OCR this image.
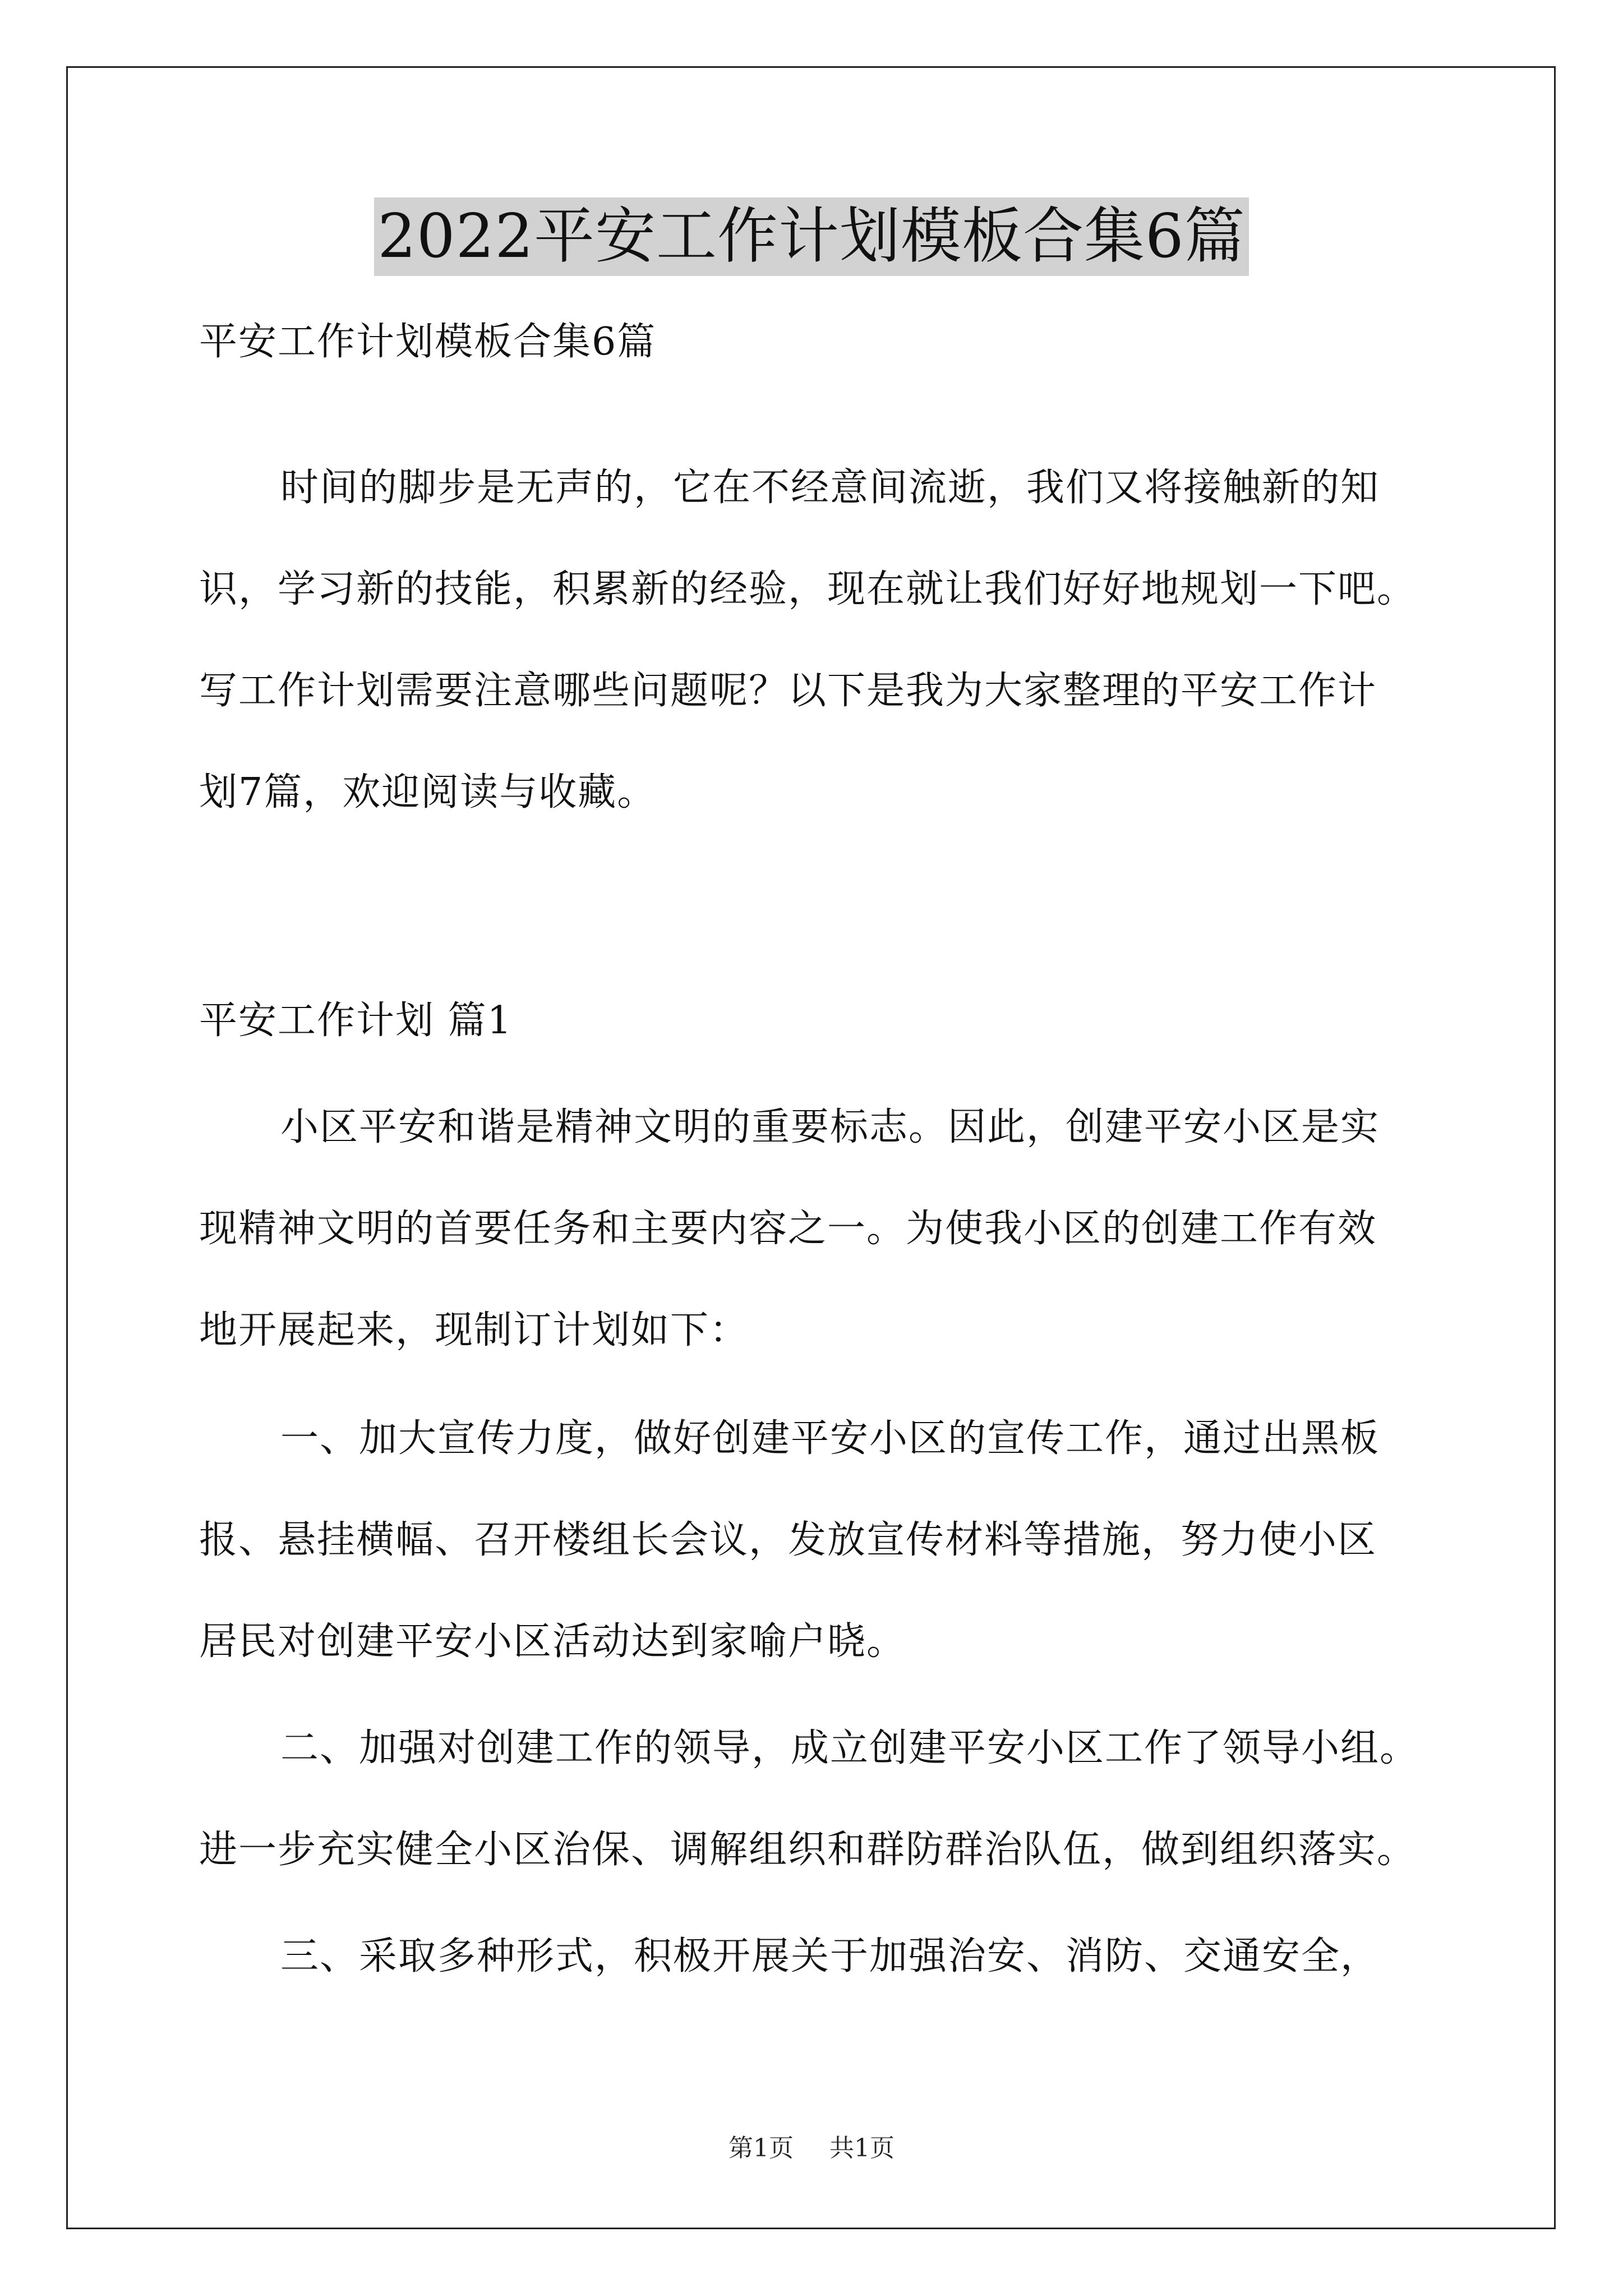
2022平安工作计划模板合集6篇
平安工作计划模板合集6篇
时间的脚步是无声的，它在不经意间流逝，我们又将接触新的知
识，学习新的技能，积累新的经验，现在就让我们好好地规划一下吧。
写工作计划需要注意哪些问题呢？以下是我为大家整理的平安工作计
划7篇，欢迎阅读与收藏。
平安工作计划 篇1
小区平安和谐是精神文明的重要标志。因此，创建平安小区是实
现精神文明的首要任务和主要内容之一。为使我小区的创建工作有效
地开展起来，现制订计划如下：
一、加大宣传力度，做好创建平安小区的宣传工作，通过出黑板
报、悬挂横幅、召开楼组长会议，发放宣传材料等措施，努力使小区
居民对创建平安小区活动达到家喻户晓。
二、加强对创建工作的领导，成立创建平安小区工作了领导小组。
进一步充实健全小区治保、调解组织和群防群治队伍，做到组织落实。
三、采取多种形式，积极开展关于加强治安、消防、交通安全，
第1页 共1页
